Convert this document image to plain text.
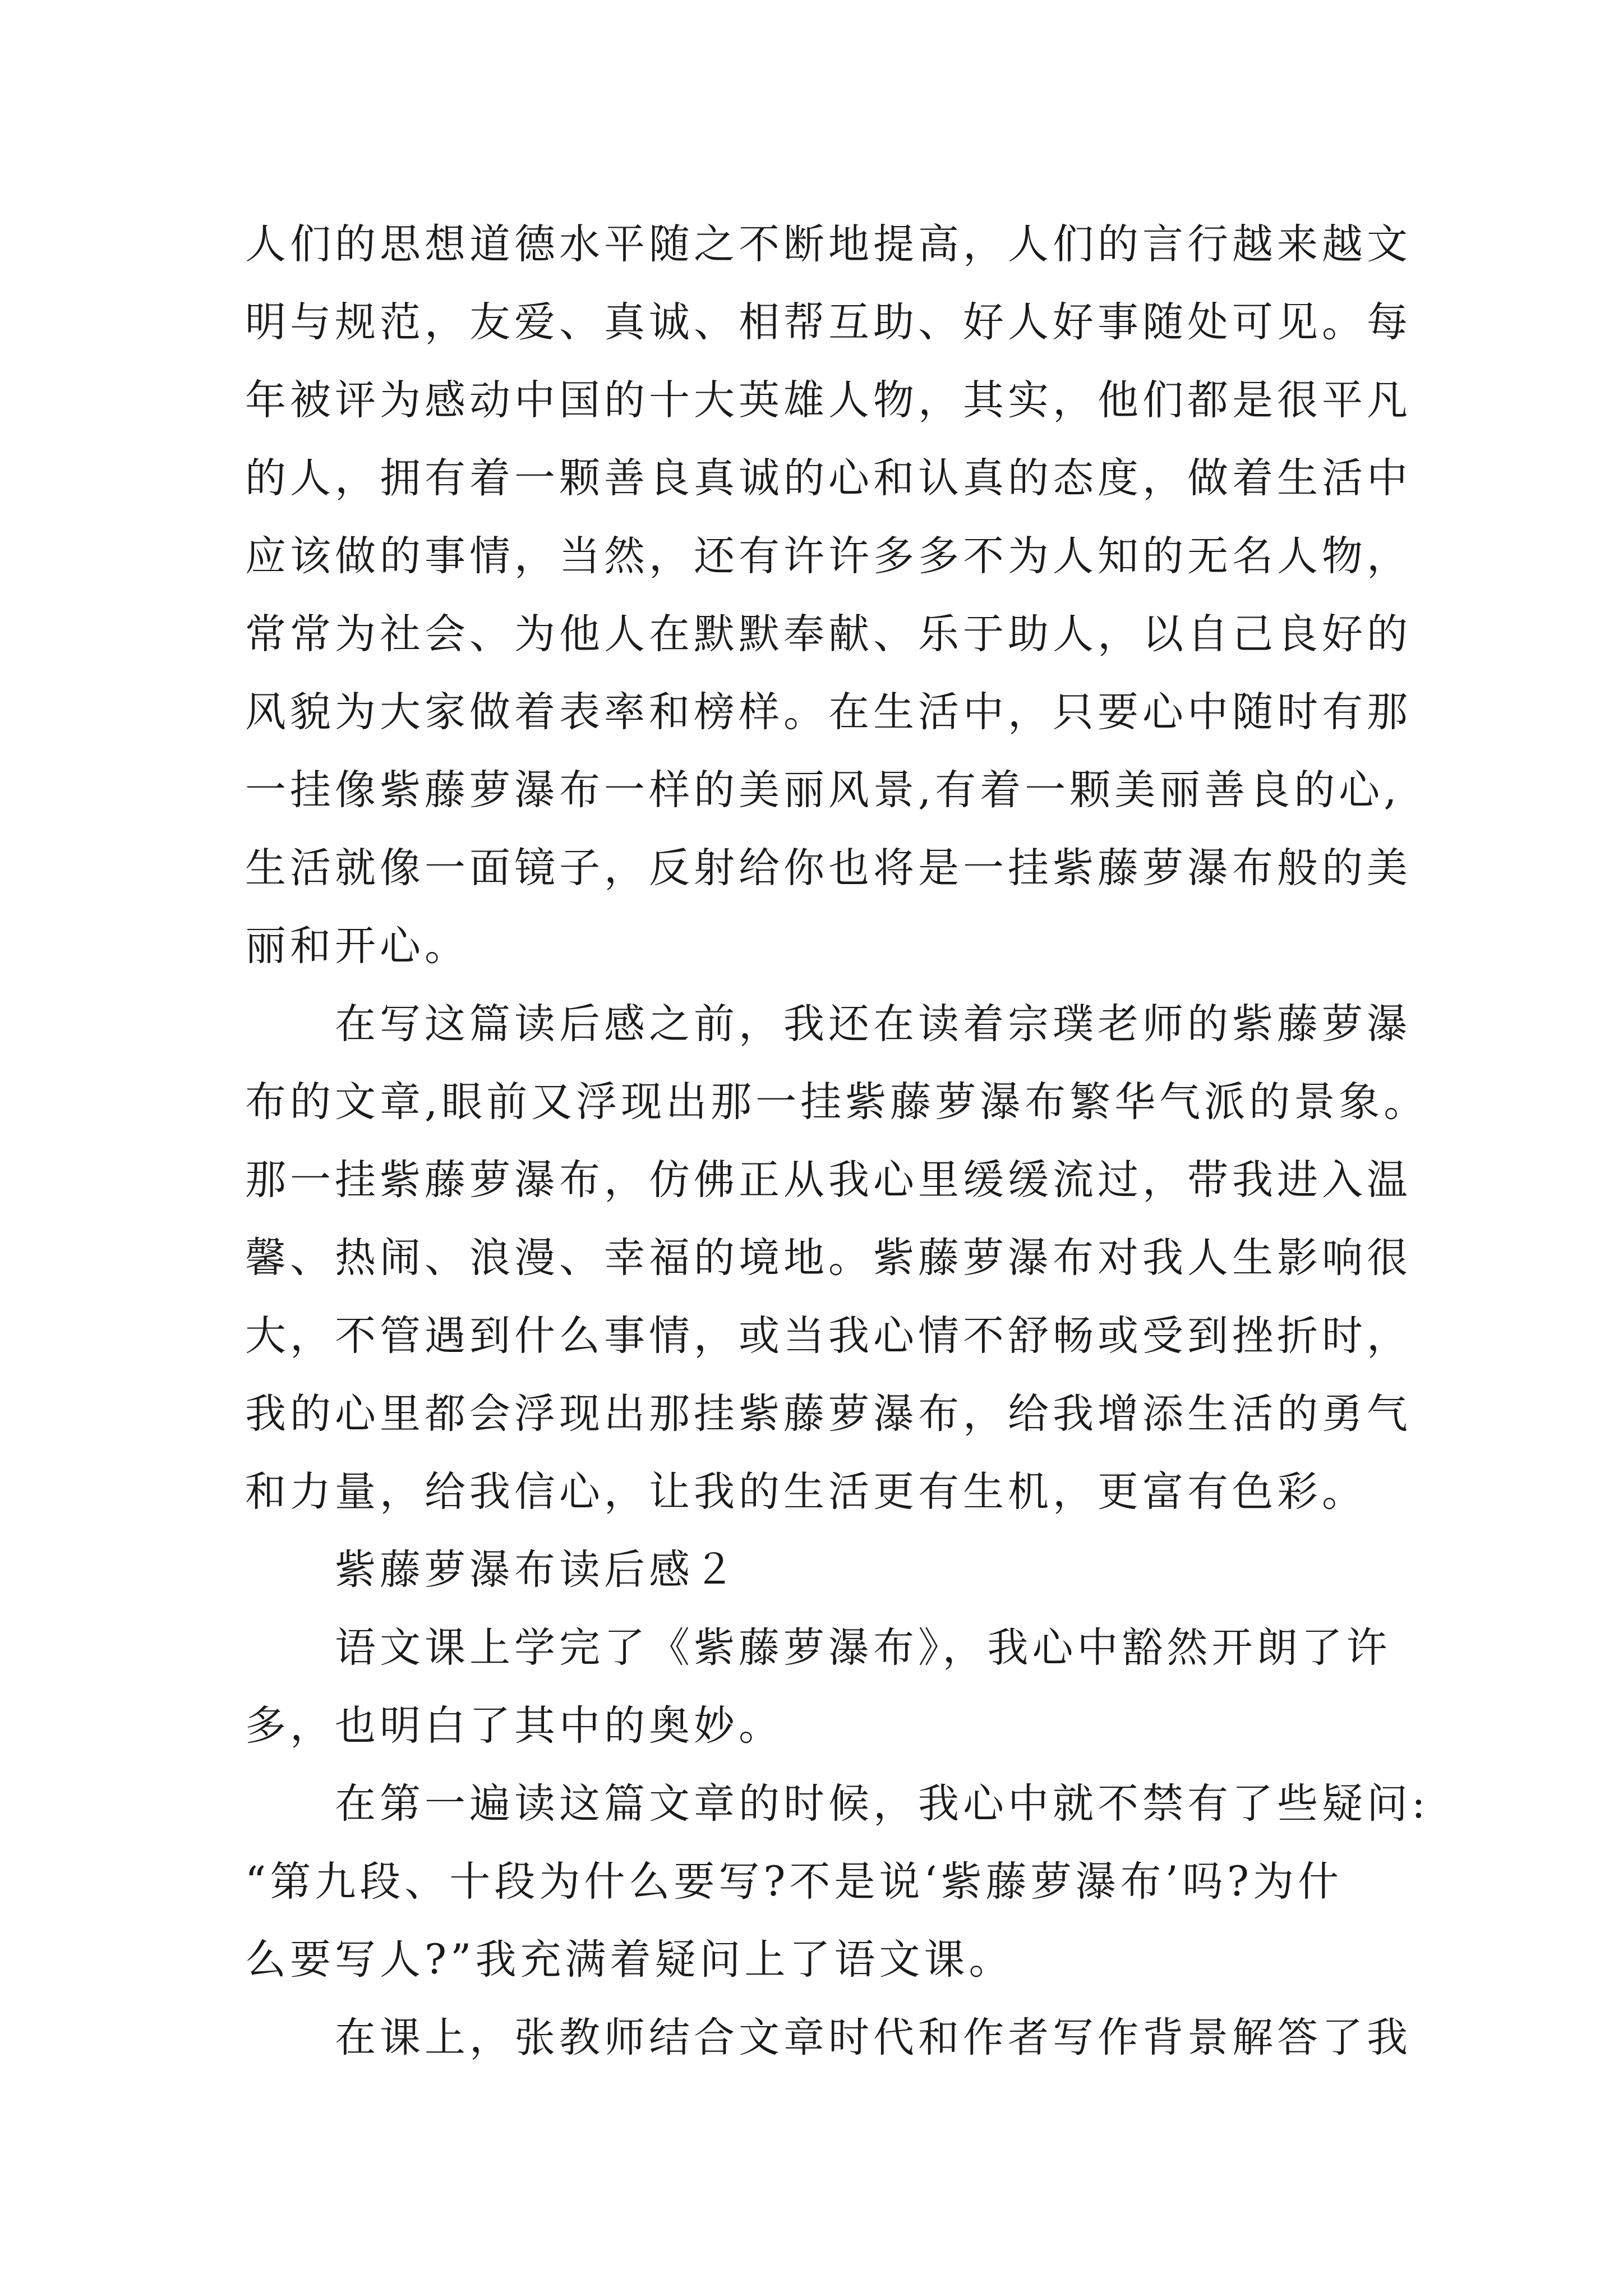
人们的思想道德水平随之不断地提高，人们的言行越来越文
明与规范，友爱、真诚、相帮互助、好人好事随处可见。每
年被评为感动中国的十大英雄人物，其实，他们都是很平凡
的人，拥有着一颗善良真诚的心和认真的态度，做着生活中
应该做的事情，当然，还有许许多多不为人知的无名人物，
常常为社会、为他人在默默奉献、乐于助人，以自己良好的
风貌为大家做着表率和榜样。在生活中，只要心中随时有那
一挂像紫藤萝瀑布一样的美丽风景,有着一颗美丽善良的心,
生活就像一面镜子，反射给你也将是一挂紫藤萝瀑布般的美
丽和开心。
在写这篇读后感之前，我还在读着宗璞老师的紫藤萝瀑
布的文章,眼前又浮现出那一挂紫藤萝瀑布繁华气派的景象。
那一挂紫藤萝瀑布，仿佛正从我心里缓缓流过，带我进入温
馨、热闹、浪漫、幸福的境地。紫藤萝瀑布对我人生影响很
大，不管遇到什么事情，或当我心情不舒畅或受到挫折时，
我的心里都会浮现出那挂紫藤萝瀑布，给我增添生活的勇气
和力量，给我信心，让我的生活更有生机，更富有色彩。
紫藤萝瀑布读后感２
语文课上学完了《紫藤萝瀑布》，我心中豁然开朗了许
多，也明白了其中的奥妙。
在第一遍读这篇文章的时候，我心中就不禁有了些疑问:
“第九段、十段为什么要写?不是说‘紫藤萝瀑布’吗?为什
么要写人?”我充满着疑问上了语文课。
在课上，张教师结合文章时代和作者写作背景解答了我
